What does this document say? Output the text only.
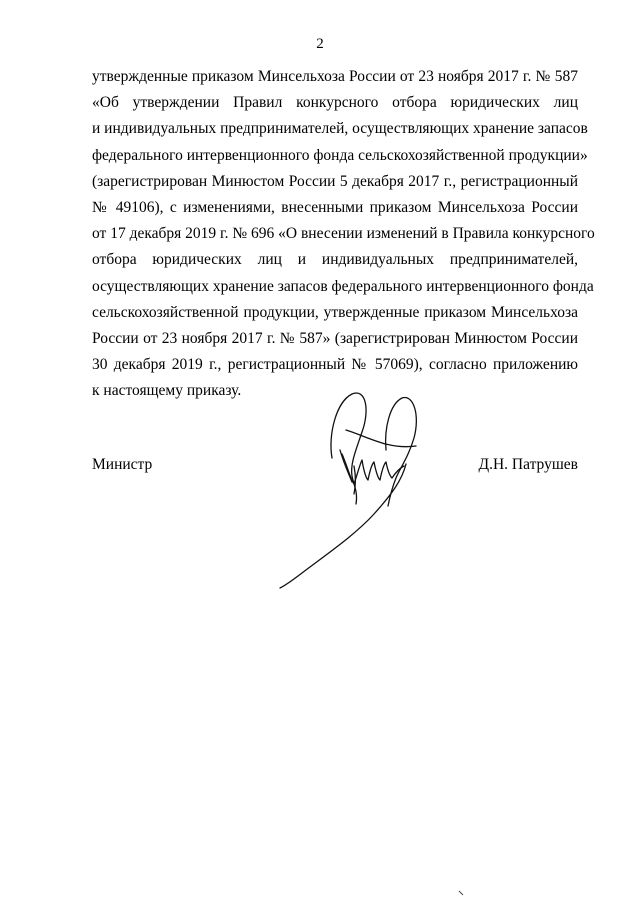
2
утвержденные приказом Минсельхоза России от 23 ноября 2017 г. № 587
«Об утверждении Правил конкурсного отбора юридических лиц
и индивидуальных предпринимателей, осуществляющих хранение запасов
федерального интервенционного фонда сельскохозяйственной продукции»
(зарегистрирован Минюстом России 5 декабря 2017 г., регистрационный
№ 49106), с изменениями, внесенными приказом Минсельхоза России
от 17 декабря 2019 г. № 696 «О внесении изменений в Правила конкурсного
отбора юридических лиц и индивидуальных предпринимателей,
осуществляющих хранение запасов федерального интервенционного фонда
сельскохозяйственной продукции, утвержденные приказом Минсельхоза
России от 23 ноября 2017 г. № 587» (зарегистрирован Минюстом России
30 декабря 2019 г., регистрационный № 57069), согласно приложению
к настоящему приказу.
Министр	Д.Н. Патрушев
